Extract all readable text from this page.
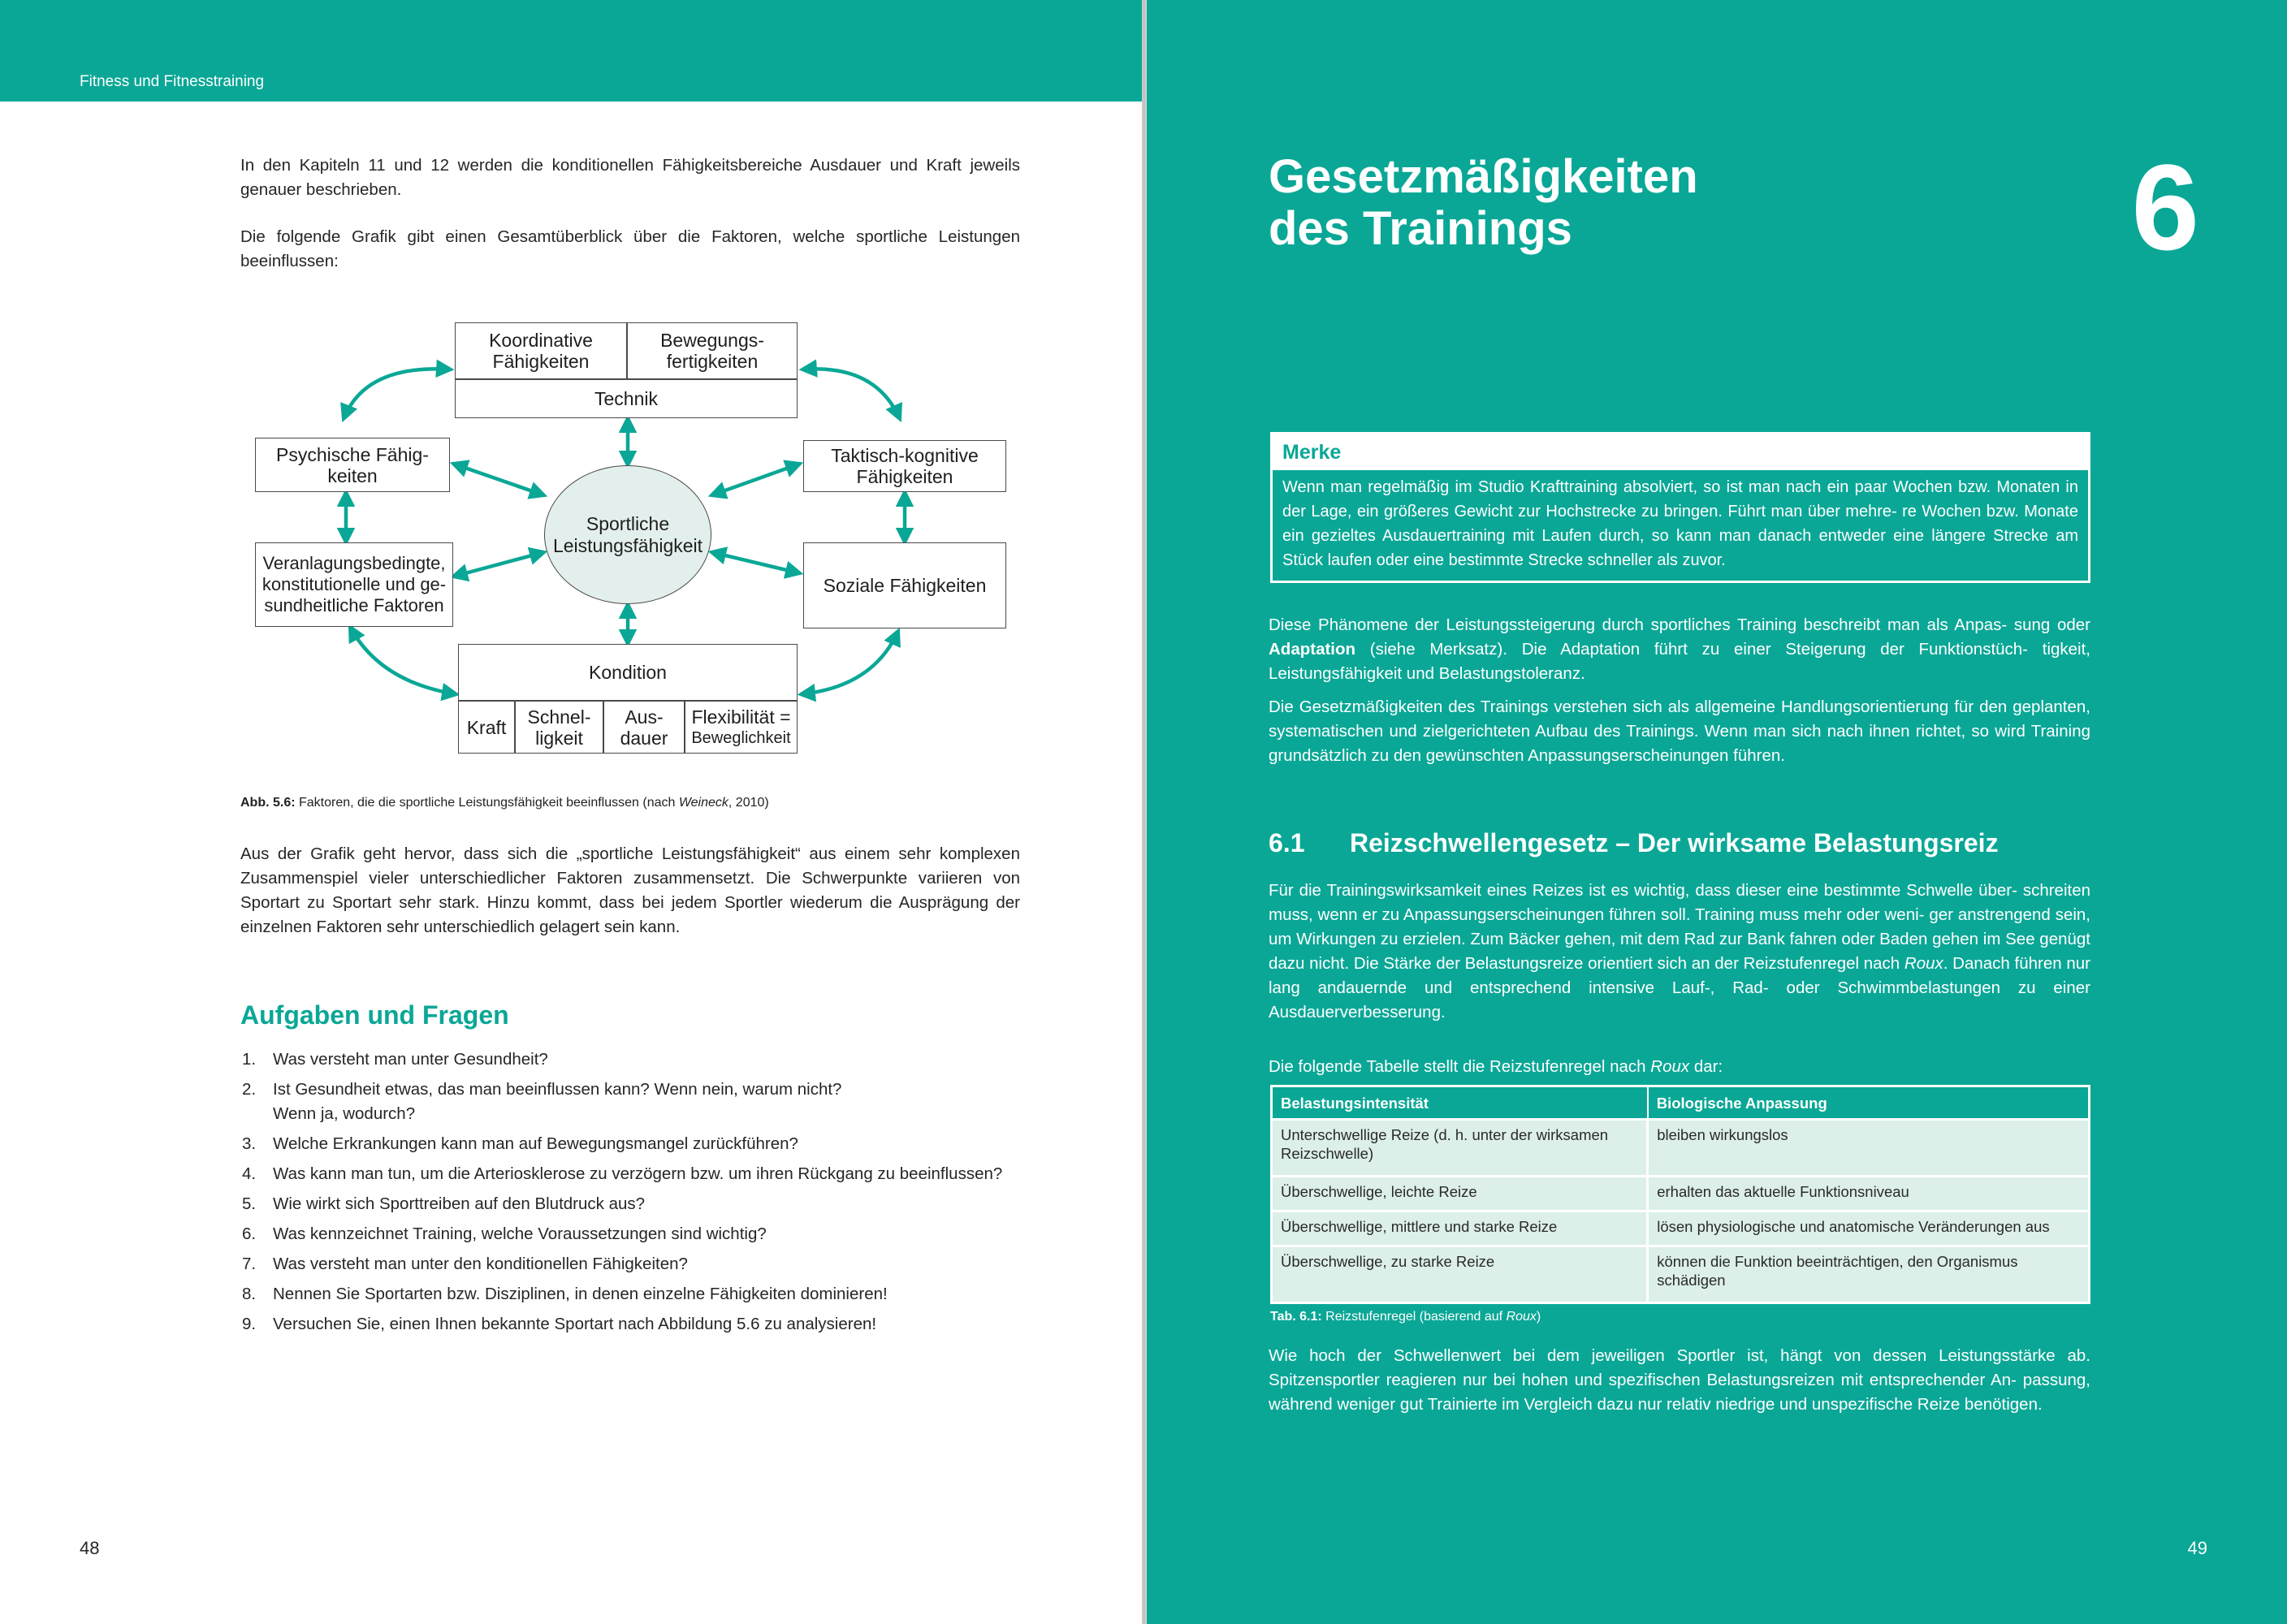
Fitness und Fitnesstraining

In den Kapiteln 11 und 12 werden die konditionellen Fähigkeitsbereiche Ausdauer und Kraft jeweils genauer beschrieben.

Die folgende Grafik gibt einen Gesamtüberblick über die Faktoren, welche sportliche Leistungen beeinflussen:

Koordinative Fähigkeiten
Bewegungs- fertigkeiten
Technik
Psychische Fähig- keiten
Taktisch-kognitive Fähigkeiten
Sportliche Leistungsfähigkeit
Veranlagungsbedingte, konstitutionelle und ge- sundheitliche Faktoren
Soziale Fähigkeiten
Kondition
Kraft	Schnel- ligkeit
Aus- dauer
Flexibilität =
Beweglichkeit
Abb. 5.6: Faktoren, die die sportliche Leistungsfähigkeit beeinflussen (nach Weineck, 2010)

Aus der Grafik geht hervor, dass sich die „sportliche Leistungsfähigkeit“ aus einem sehr komplexen Zusammenspiel vieler unterschiedlicher Faktoren zusammensetzt. Die Schwerpunkte variieren von Sportart zu Sportart sehr stark. Hinzu kommt, dass bei jedem Sportler wiederum die Ausprägung der einzelnen Faktoren sehr unterschiedlich gelagert sein kann.

Aufgaben und Fragen
1.	Was versteht man unter Gesundheit?
2.	Ist Gesundheit etwas, das man beeinflussen kann? Wenn nein, warum nicht?
Wenn ja, wodurch?
3.	Welche Erkrankungen kann man auf Bewegungsmangel zurückführen?
4.	Was kann man tun, um die Arteriosklerose zu verzögern bzw. um ihren Rückgang zu beeinflussen?
5.	Wie wirkt sich Sporttreiben auf den Blutdruck aus?
6.	Was kennzeichnet Training, welche Voraussetzungen sind wichtig?
7.	Was versteht man unter den konditionellen Fähigkeiten?
8.	Nennen Sie Sportarten bzw. Disziplinen, in denen einzelne Fähigkeiten dominieren!
9.	Versuchen Sie, einen Ihnen bekannte Sportart nach Abbildung 5.6 zu analysieren!
48
Gesetzmäßigkeiten
des Trainings	6
Merke
Wenn man regelmäßig im Studio Krafttraining absolviert, so ist man nach ein paar Wochen bzw. Monaten in der Lage, ein größeres Gewicht zur Hochstrecke zu bringen. Führt man über mehre- re Wochen bzw. Monate ein gezieltes Ausdauertraining mit Laufen durch, so kann man danach entweder eine längere Strecke am Stück laufen oder eine bestimmte Strecke schneller als zuvor.

Diese Phänomene der Leistungssteigerung durch sportliches Training beschreibt man als Anpas- sung oder Adaptation (siehe Merksatz). Die Adaptation führt zu einer Steigerung der Funktionstüch- tigkeit, Leistungsfähigkeit und Belastungstoleranz.

Die Gesetzmäßigkeiten des Trainings verstehen sich als allgemeine Handlungsorientierung für den geplanten, systematischen und zielgerichteten Aufbau des Trainings. Wenn man sich nach ihnen richtet, so wird Training grundsätzlich zu den gewünschten Anpassungserscheinungen führen.

6.1 Reizschwellengesetz – Der wirksame Belastungsreiz

Für die Trainingswirksamkeit eines Reizes ist es wichtig, dass dieser eine bestimmte Schwelle über- schreiten muss, wenn er zu Anpassungserscheinungen führen soll. Training muss mehr oder weni- ger anstrengend sein, um Wirkungen zu erzielen. Zum Bäcker gehen, mit dem Rad zur Bank fahren oder Baden gehen im See genügt dazu nicht. Die Stärke der Belastungsreize orientiert sich an der Reizstufenregel nach Roux. Danach führen nur lang andauernde und entsprechend intensive Lauf-, Rad- oder Schwimmbelastungen zu einer Ausdauerverbesserung.

Die folgende Tabelle stellt die Reizstufenregel nach Roux dar:

Belastungsintensität	Biologische Anpassung
Unterschwellige Reize (d. h. unter der wirksamen Reizschwelle)	bleiben wirkungslos
Überschwellige, leichte Reize	erhalten das aktuelle Funktionsniveau
Überschwellige, mittlere und starke Reize	lösen physiologische und anatomische Veränderungen aus
Überschwellige, zu starke Reize	können die Funktion beeinträchtigen, den Organismus schädigen
Tab. 6.1: Reizstufenregel (basierend auf Roux)

Wie hoch der Schwellenwert bei dem jeweiligen Sportler ist, hängt von dessen Leistungsstärke ab. Spitzensportler reagieren nur bei hohen und spezifischen Belastungsreizen mit entsprechender An- passung, während weniger gut Trainierte im Vergleich dazu nur relativ niedrige und unspezifische Reize benötigen.

49
